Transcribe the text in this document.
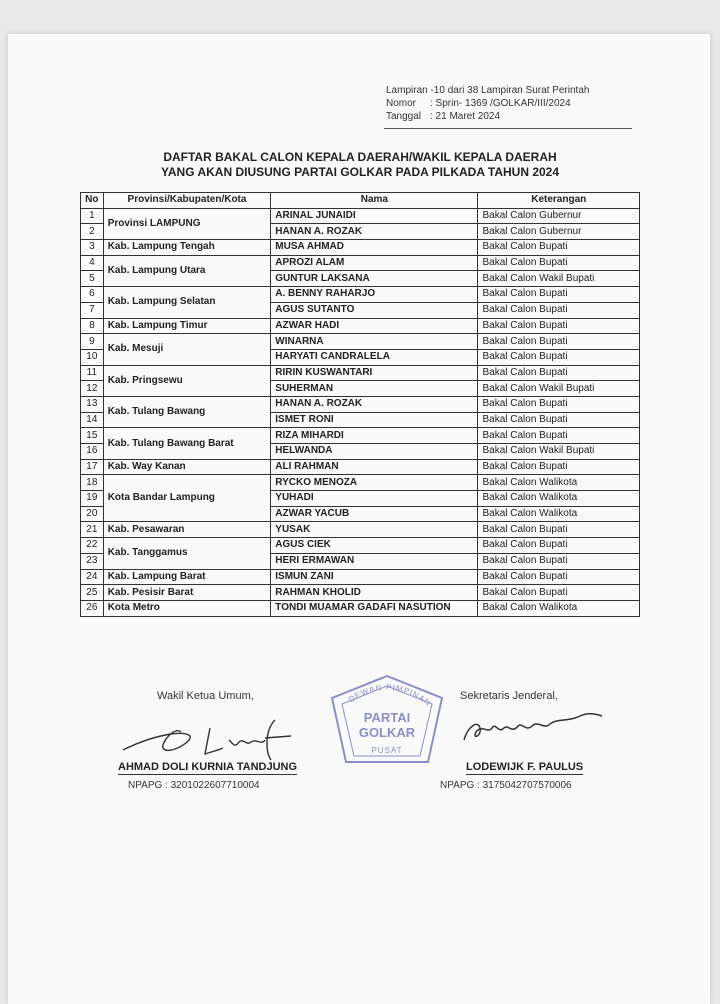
Lampiran -10 dari 38 Lampiran Surat Perintah
Nomor : Sprin- 1369 /GOLKAR/III/2024
Tanggal : 21 Maret 2024
DAFTAR BAKAL CALON KEPALA DAERAH/WAKIL KEPALA DAERAH
YANG AKAN DIUSUNG PARTAI GOLKAR PADA PILKADA TAHUN 2024
No	Provinsi/Kabupaten/Kota	Nama	Keterangan
1	Provinsi LAMPUNG	ARINAL JUNAIDI	Bakal Calon Gubernur
2		HANAN A. ROZAK	Bakal Calon Gubernur
3	Kab. Lampung Tengah	MUSA AHMAD	Bakal Calon Bupati
4	Kab. Lampung Utara	APROZI ALAM	Bakal Calon Bupati
5		GUNTUR LAKSANA	Bakal Calon Wakil Bupati
6	Kab. Lampung Selatan	A. BENNY RAHARJO	Bakal Calon Bupati
7		AGUS SUTANTO	Bakal Calon Bupati
8	Kab. Lampung Timur	AZWAR HADI	Bakal Calon Bupati
9	Kab. Mesuji	WINARNA	Bakal Calon Bupati
10		HARYATI CANDRALELA	Bakal Calon Bupati
11	Kab. Pringsewu	RIRIN KUSWANTARI	Bakal Calon Bupati
12		SUHERMAN	Bakal Calon Wakil Bupati
13	Kab. Tulang Bawang	HANAN A. ROZAK	Bakal Calon Bupati
14		ISMET RONI	Bakal Calon Bupati
15	Kab. Tulang Bawang Barat	RIZA MIHARDI	Bakal Calon Bupati
16		HELWANDA	Bakal Calon Wakil Bupati
17	Kab. Way Kanan	ALI RAHMAN	Bakal Calon Bupati
18	Kota Bandar Lampung	RYCKO MENOZA	Bakal Calon Walikota
19		YUHADI	Bakal Calon Walikota
20		AZWAR YACUB	Bakal Calon Walikota
21	Kab. Pesawaran	YUSAK	Bakal Calon Bupati
22	Kab. Tanggamus	AGUS CIEK	Bakal Calon Bupati
23		HERI ERMAWAN	Bakal Calon Bupati
24	Kab. Lampung Barat	ISMUN ZANI	Bakal Calon Bupati
25	Kab. Pesisir Barat	RAHMAN KHOLID	Bakal Calon Bupati
26	Kota Metro	TONDI MUAMAR GADAFI NASUTION	Bakal Calon Walikota
Wakil Ketua Umum,
AHMAD DOLI KURNIA TANDJUNG
NPAPG : 3201022607710004
DEWAN PIMPINAN
PARTAI
GOLKAR
PUSAT
Sekretaris Jenderal,
LODEWIJK F. PAULUS
NPAPG : 3175042707570006
